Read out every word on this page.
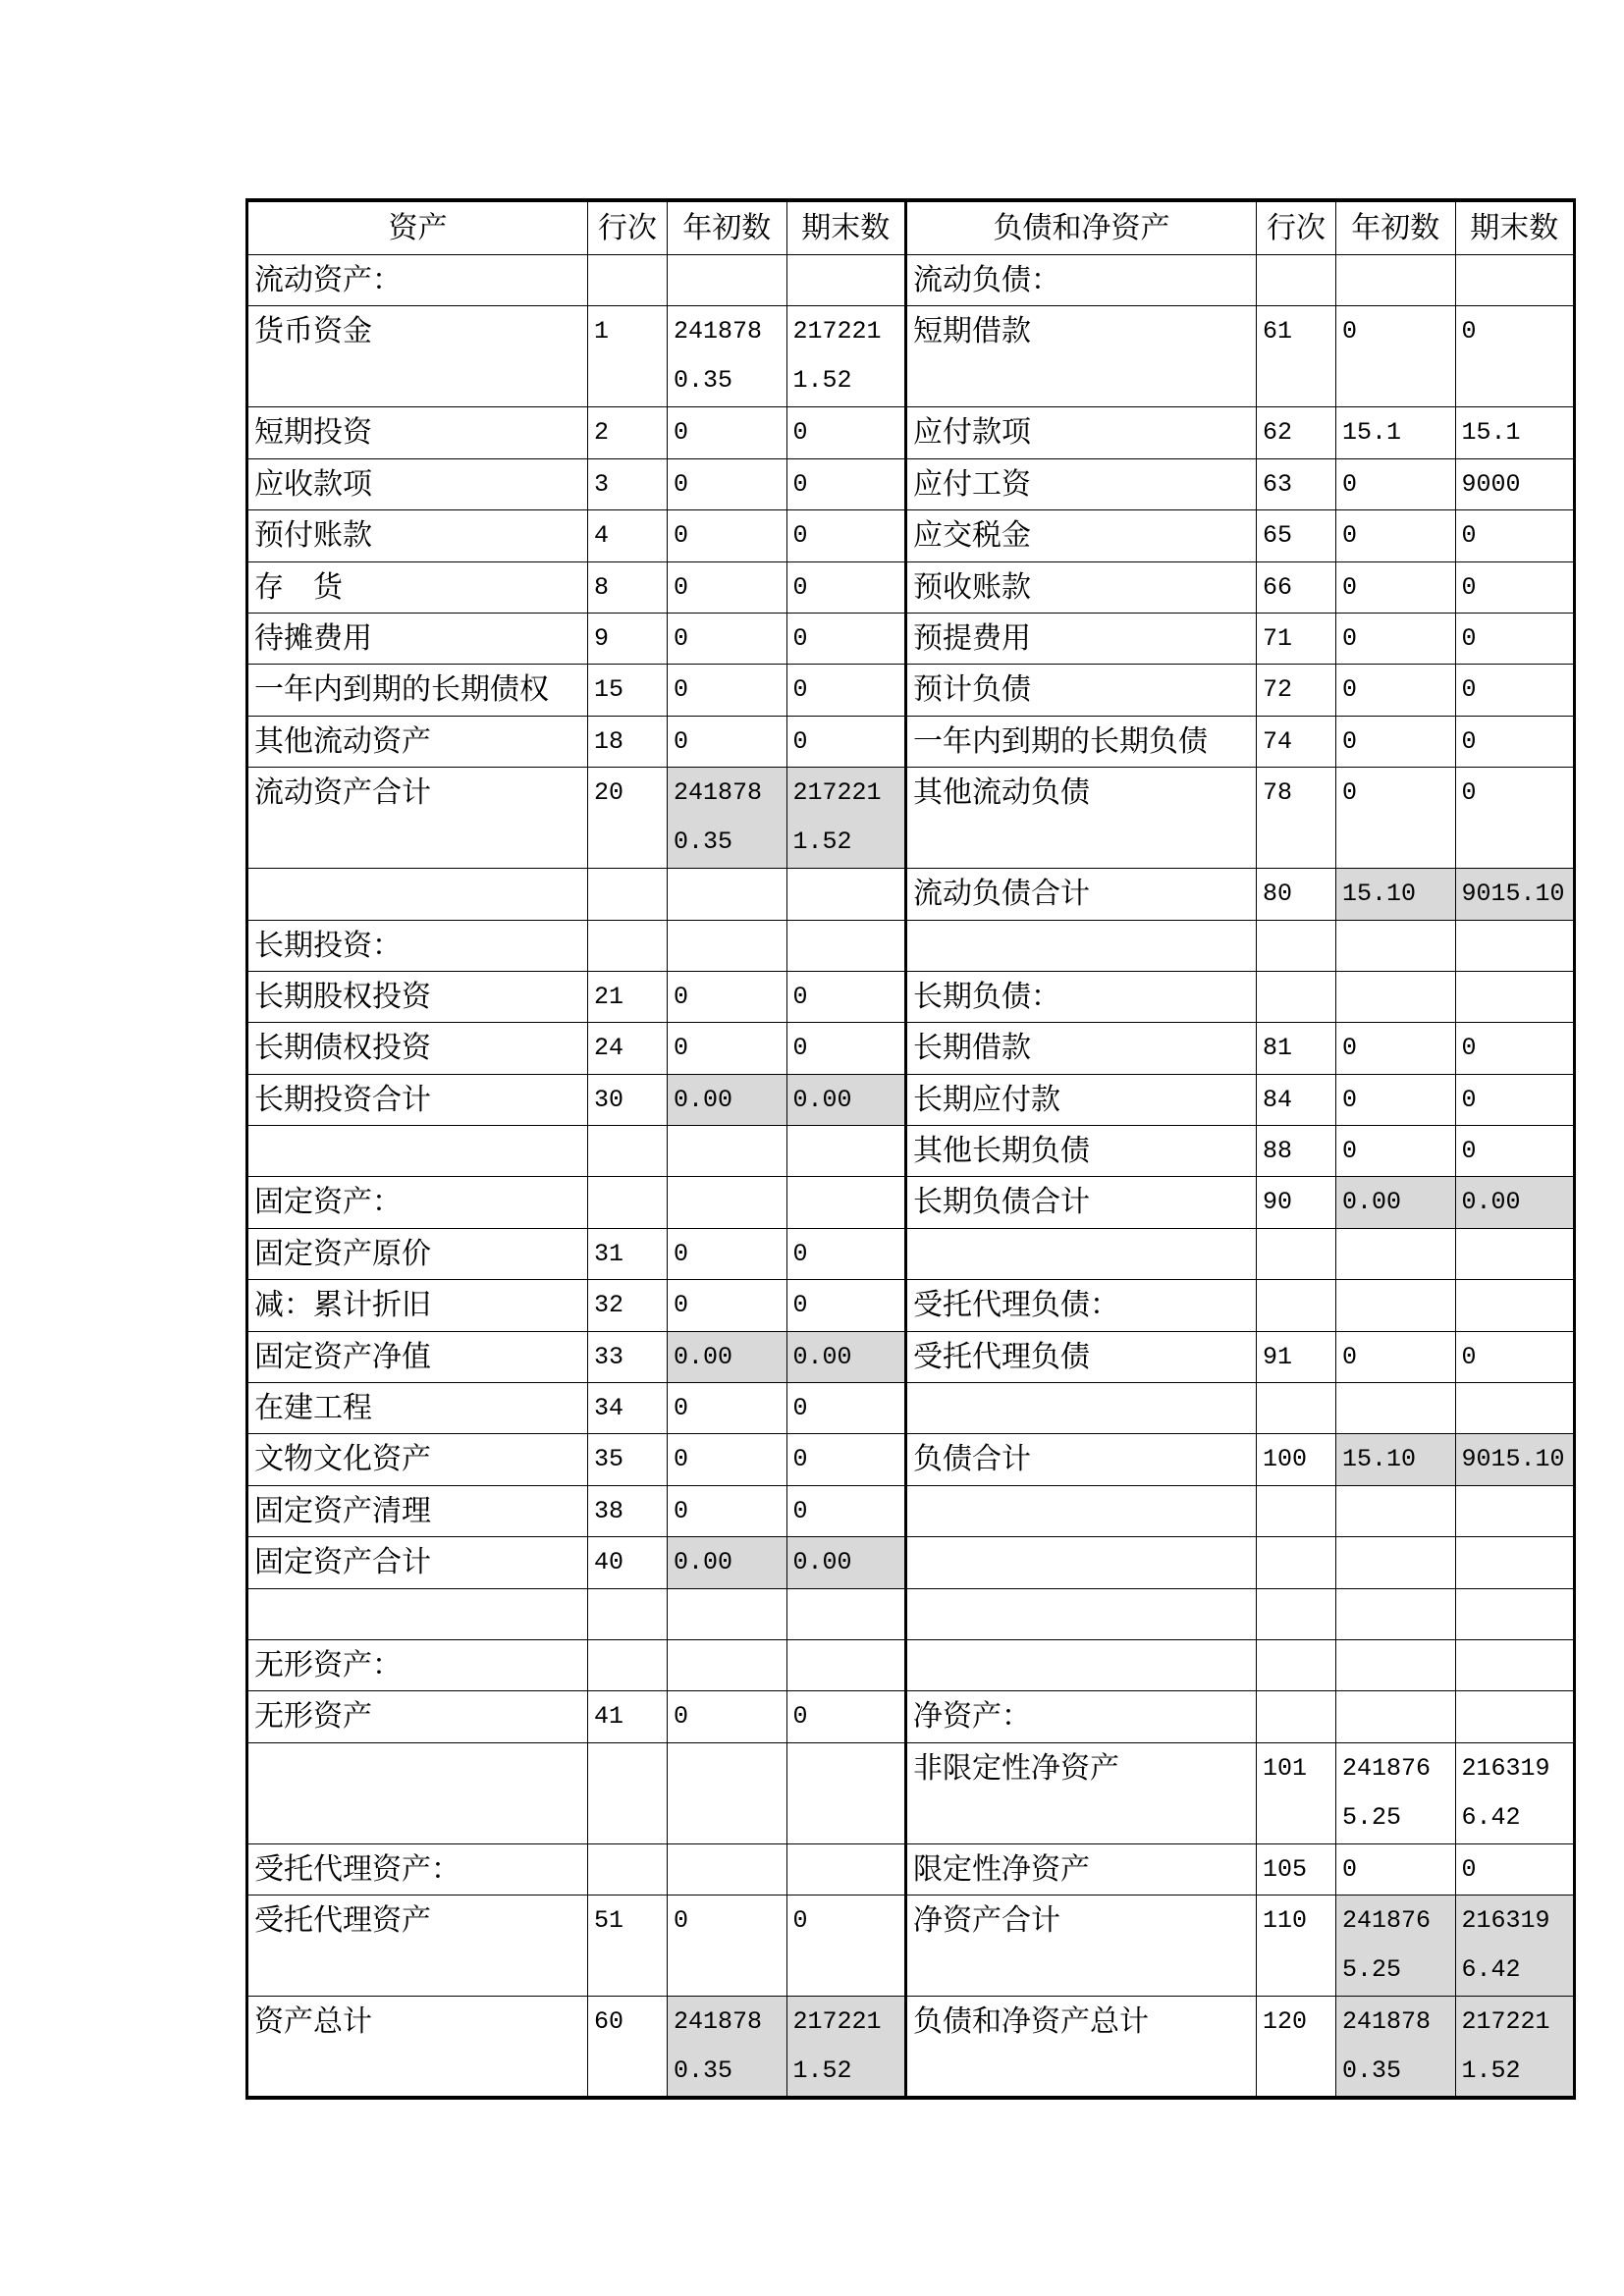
资产	行次	年初数	期末数	负债和净资产	行次	年初数	期末数
流动资产：				流动负债：			
货币资金	1	2418780.35	2172211.52	短期借款	61	0	0
短期投资	2	0	0	应付款项	62	15.1	15.1
应收款项	3	0	0	应付工资	63	0	9000
预付账款	4	0	0	应交税金	65	0	0
存　货	8	0	0	预收账款	66	0	0
待摊费用	9	0	0	预提费用	71	0	0
一年内到期的长期债权	15	0	0	预计负债	72	0	0
其他流动资产	18	0	0	一年内到期的长期负债	74	0	0
流动资产合计	20	2418780.35	2172211.52	其他流动负债	78	0	0
				流动负债合计	80	15.10	9015.10
长期投资：							
长期股权投资	21	0	0	长期负债：			
长期债权投资	24	0	0	长期借款	81	0	0
长期投资合计	30	0.00	0.00	长期应付款	84	0	0
				其他长期负债	88	0	0
固定资产：				长期负债合计	90	0.00	0.00
固定资产原价	31	0	0				
减：累计折旧	32	0	0	受托代理负债：			
固定资产净值	33	0.00	0.00	受托代理负债	91	0	0
在建工程	34	0	0				
文物文化资产	35	0	0	负债合计	100	15.10	9015.10
固定资产清理	38	0	0				
固定资产合计	40	0.00	0.00				

无形资产：							
无形资产	41	0	0	净资产：			
				非限定性净资产	101	2418765.25	2163196.42
受托代理资产：				限定性净资产	105	0	0
受托代理资产	51	0	0	净资产合计	110	2418765.25	2163196.42
资产总计	60	2418780.35	2172211.52	负债和净资产总计	120	2418780.35	2172211.52
